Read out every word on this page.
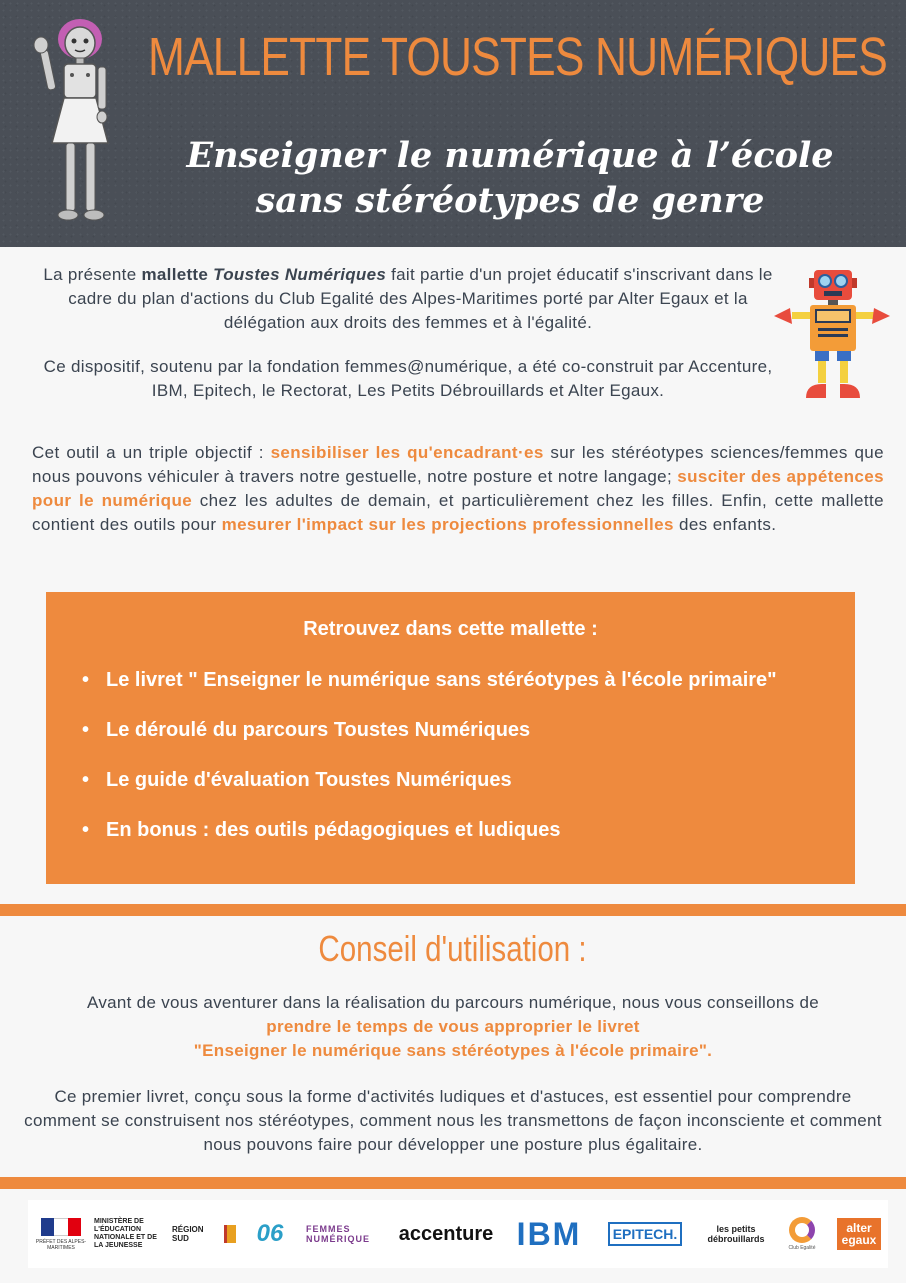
MALLETTE TOUSTES NUMÉRIQUES
Enseigner le numérique à l’école sans stéréotypes de genre

La présente mallette Toustes Numériques fait partie d'un projet éducatif s'inscrivant dans le cadre du plan d'actions du Club Egalité des Alpes-Maritimes porté par Alter Egaux et la délégation aux droits des femmes et à l'égalité.

Ce dispositif, soutenu par la fondation femmes@numérique, a été co-construit par Accenture, IBM, Epitech, le Rectorat, Les Petits Débrouillards et Alter Egaux.

Cet outil a un triple objectif : sensibiliser les qu'encadrant·es sur les stéréotypes sciences/femmes que nous pouvons véhiculer à travers notre gestuelle, notre posture et notre langage; susciter des appétences pour le numérique chez les adultes de demain, et particulièrement chez les filles. Enfin, cette mallette contient des outils pour mesurer l'impact sur les projections professionnelles des enfants.
Retrouvez dans cette mallette :
• Le livret " Enseigner le numérique sans stéréotypes à l'école primaire"
• Le déroulé du parcours Toustes Numériques
• Le guide d'évaluation Toustes Numériques
• En bonus : des outils pédagogiques et ludiques
Conseil d'utilisation :

Avant de vous aventurer dans la réalisation du parcours numérique, nous vous conseillons de
prendre le temps de vous approprier le livret
"Enseigner le numérique sans stéréotypes à l'école primaire".

Ce premier livret, conçu sous la forme d'activités ludiques et d'astuces, est essentiel pour comprendre comment se construisent nos stéréotypes, comment nous les transmettons de façon inconsciente et comment nous pouvons faire pour développer une posture plus égalitaire.

PRÉFET DES ALPES-MARITIMES
MINISTÈRE DE L'ÉDUCATION NATIONALE ET DE LA JEUNESSE
RÉGION SUD	06	FEMMES NUMÉRIQUE	accenture IBM	EPITECH.	les petits débrouillards
Club Egalité
alter egaux
